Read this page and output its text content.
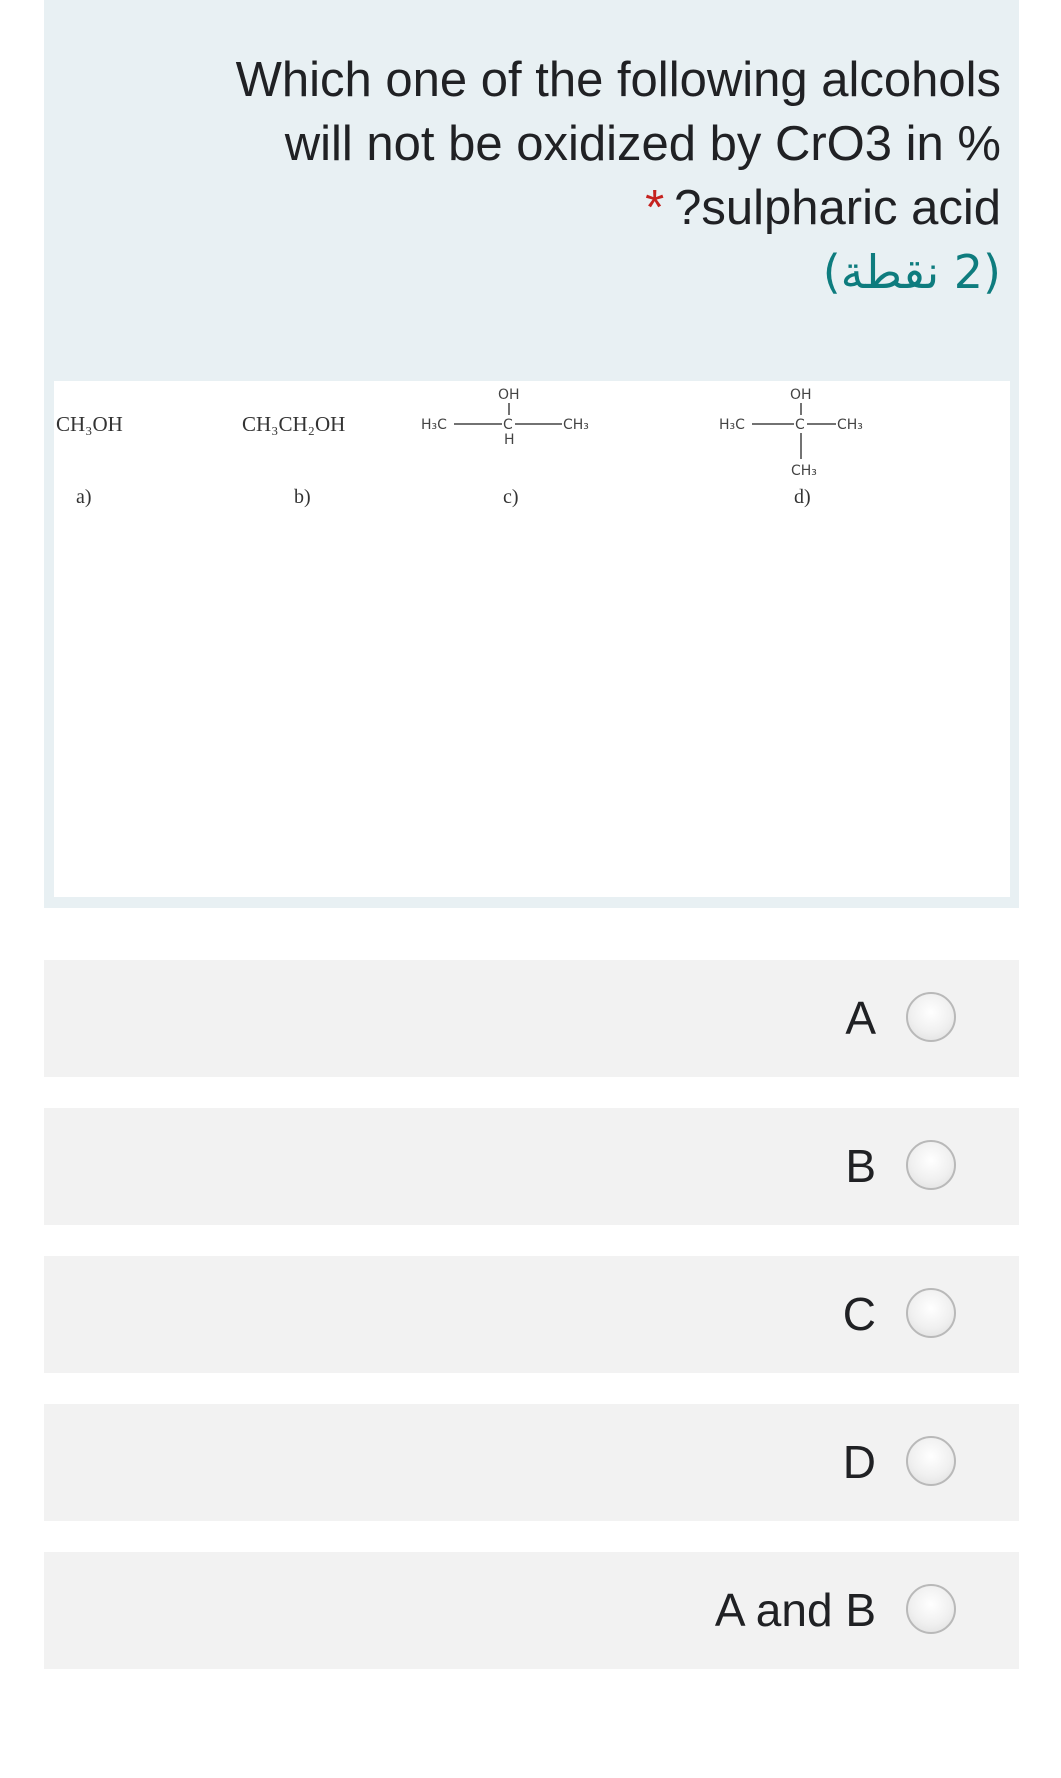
Which one of the following alcohols
will not be oxidized by CrO3 in %
* ?sulpharic acid
(2 نقطة)
CH₃OH
a)
CH₃CH₂OH
b)
H₃C	C	CH₃
OH
H
c)
H₃C	C CH₃
OH
CH₃
d)
A
B
C
D
A and B
